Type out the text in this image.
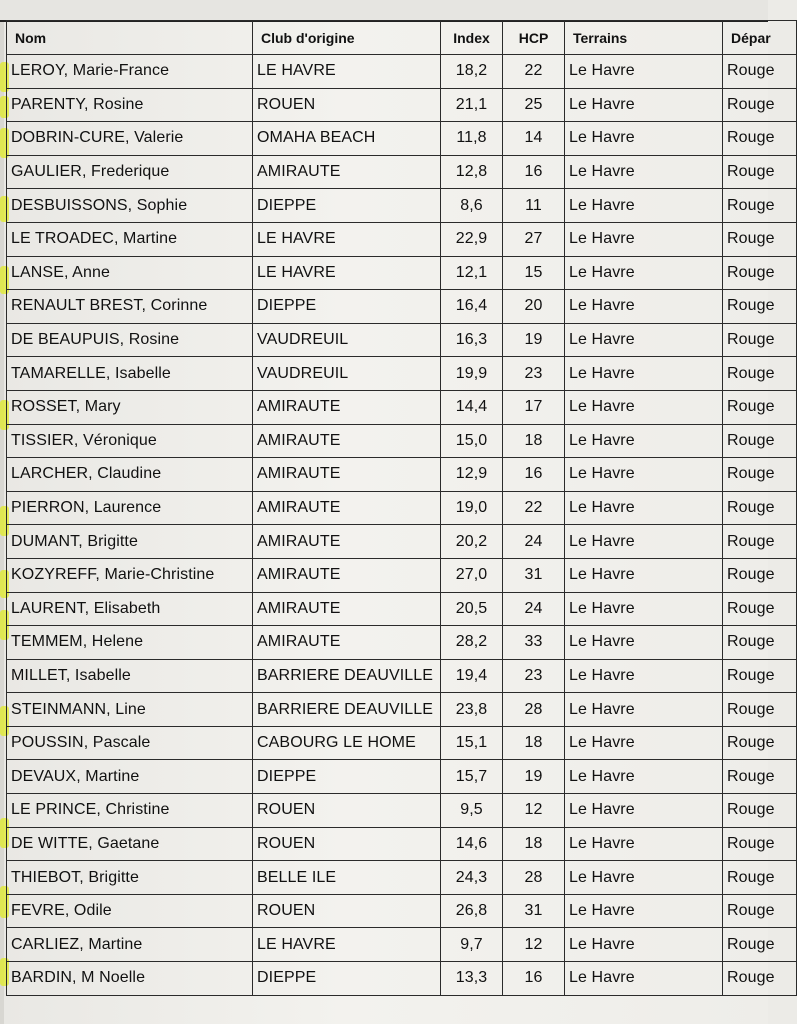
Nom	Club d'origine	Index	HCP	Terrains	Dépar
LEROY, Marie-France	LE HAVRE	18,2	22	Le Havre	Rouge
PARENTY, Rosine	ROUEN	21,1	25	Le Havre	Rouge
DOBRIN-CURE, Valerie	OMAHA BEACH	11,8	14	Le Havre	Rouge
GAULIER, Frederique	AMIRAUTE	12,8	16	Le Havre	Rouge
DESBUISSONS, Sophie	DIEPPE	8,6	11	Le Havre	Rouge
LE TROADEC, Martine	LE HAVRE	22,9	27	Le Havre	Rouge
LANSE, Anne	LE HAVRE	12,1	15	Le Havre	Rouge
RENAULT BREST, Corinne	DIEPPE	16,4	20	Le Havre	Rouge
DE BEAUPUIS, Rosine	VAUDREUIL	16,3	19	Le Havre	Rouge
TAMARELLE, Isabelle	VAUDREUIL	19,9	23	Le Havre	Rouge
ROSSET, Mary	AMIRAUTE	14,4	17	Le Havre	Rouge
TISSIER, Véronique	AMIRAUTE	15,0	18	Le Havre	Rouge
LARCHER, Claudine	AMIRAUTE	12,9	16	Le Havre	Rouge
PIERRON, Laurence	AMIRAUTE	19,0	22	Le Havre	Rouge
DUMANT, Brigitte	AMIRAUTE	20,2	24	Le Havre	Rouge
KOZYREFF, Marie-Christine	AMIRAUTE	27,0	31	Le Havre	Rouge
LAURENT, Elisabeth	AMIRAUTE	20,5	24	Le Havre	Rouge
TEMMEM, Helene	AMIRAUTE	28,2	33	Le Havre	Rouge
MILLET, Isabelle	BARRIERE DEAUVILLE	19,4	23	Le Havre	Rouge
STEINMANN, Line	BARRIERE DEAUVILLE	23,8	28	Le Havre	Rouge
POUSSIN, Pascale	CABOURG LE HOME	15,1	18	Le Havre	Rouge
DEVAUX, Martine	DIEPPE	15,7	19	Le Havre	Rouge
LE PRINCE, Christine	ROUEN	9,5	12	Le Havre	Rouge
DE WITTE, Gaetane	ROUEN	14,6	18	Le Havre	Rouge
THIEBOT, Brigitte	BELLE ILE	24,3	28	Le Havre	Rouge
FEVRE, Odile	ROUEN	26,8	31	Le Havre	Rouge
CARLIEZ, Martine	LE HAVRE	9,7	12	Le Havre	Rouge
BARDIN, M Noelle	DIEPPE	13,3	16	Le Havre	Rouge
